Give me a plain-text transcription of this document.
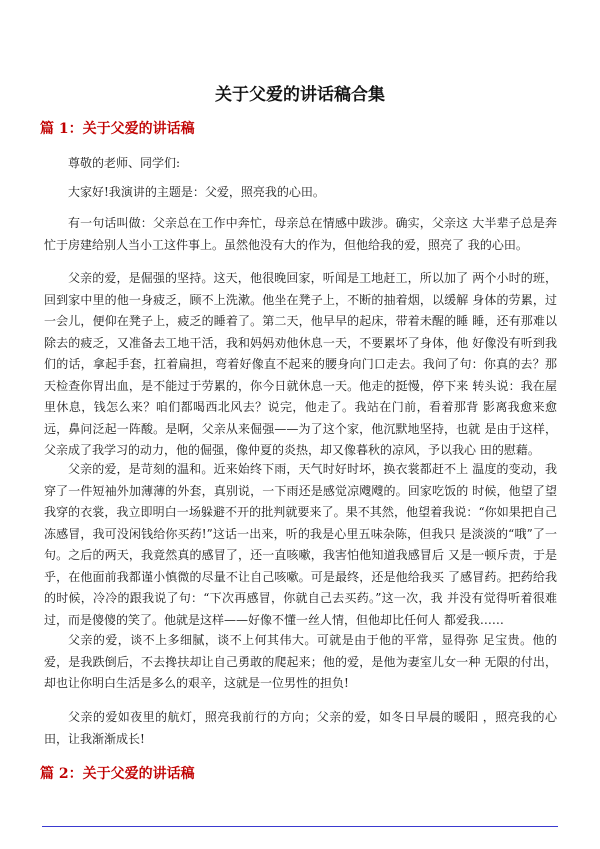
关于父爱的讲话稿合集
篇 1：关于父爱的讲话稿

尊敬的老师、同学们:

大家好!我演讲的主题是：父爱，照亮我的心田。

有一句话叫做：父亲总在工作中奔忙，母亲总在情感中跋涉。确实，父亲这 大半辈子总是奔忙于房建给别人当小工这件事上。虽然他没有大的作为，但他给我的爱，照亮了 我的心田。

父亲的爱，是倔强的坚持。这天，他很晚回家，听闻是工地赶工，所以加了 两个小时的班，回到家中里的他一身疲乏，顾不上洗漱。他坐在凳子上，不断的抽着烟，以缓解 身体的劳累，过一会儿，便仰在凳子上，疲乏的睡着了。第二天，他早早的起床，带着未醒的睡 睡，还有那难以除去的疲乏，又准备去工地干活，我和妈妈劝他休息一天，不要累坏了身体，他 好像没有听到我们的话，拿起手套，扛着扁担，弯着好像直不起来的腰身向门口走去。我问了句：你真的去？那天检查你胃出血，是不能过于劳累的，你今日就休息一天。他走的挺慢，停下来 转头说：我在屋里休息，钱怎么来？咱们都喝西北风去？说完，他走了。我站在门前，看着那背 影离我愈来愈远，鼻问泛起一阵酸。是啊，父亲从来倔强——为了这个家，他沉默地坚持，也就 是由于这样，父亲成了我学习的动力，他的倔强，像仲夏的炎热，却又像暮秋的凉风，予以我心 田的慰藉。

父亲的爱，是苛刻的温和。近来始终下雨，天气时好时坏，换衣裳都赶不上 温度的变动，我穿了一件短袖外加薄薄的外套，真别说，一下雨还是感觉凉飕飕的。回家吃饭的 时候，他望了望我穿的衣裳，我立即明白一场躲避不开的批判就要来了。果不其然，他望着我说：“你如果把自己冻感冒，我可没闲钱给你买药!”这话一出来，听的我是心里五味杂陈，但我只 是淡淡的“哦”了一句。之后的两天，我竟然真的感冒了，还一直咳嗽，我害怕他知道我感冒后 又是一顿斥责，于是乎，在他面前我都谨小慎微的尽量不让自己咳嗽。可是最终，还是他给我买 了感冒药。把药给我的时候，冷冷的跟我说了句：“下次再感冒，你就自己去买药。”这一次，我 并没有觉得听着很难过，而是傻傻的笑了。他就是这样——好像不懂一丝人情，但他却比任何人 都爱我……

父亲的爱，谈不上多细腻，谈不上何其伟大。可就是由于他的平常，显得弥 足宝贵。他的爱，是我跌倒后，不去搀扶却让自己勇敢的爬起来；他的爱，是他为妻室儿女一种 无限的付出，却也让你明白生活是多么的艰辛，这就是一位男性的担负!

父亲的爱如夜里的航灯，照亮我前行的方向；父亲的爱，如冬日早晨的暖阳 ，照亮我的心田，让我渐渐成长!

篇 2：关于父爱的讲话稿
